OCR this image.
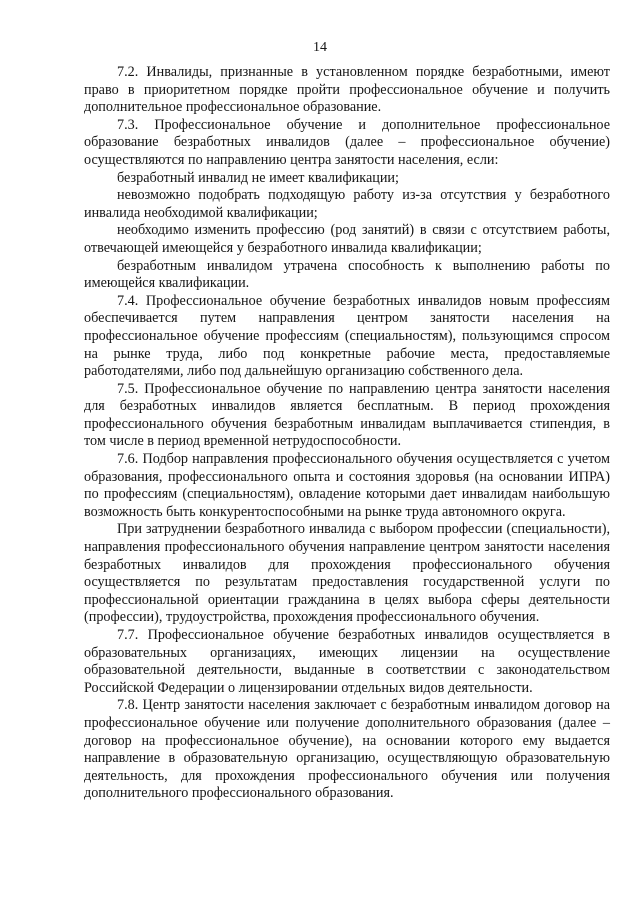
14

7.2. Инвалиды, признанные в установленном порядке безработными, имеют право в приоритетном порядке пройти профессиональное обучение и получить дополнительное профессиональное образование.

7.3. Профессиональное обучение и дополнительное профессиональное образование безработных инвалидов (далее – профессиональное обучение) осуществляются по направлению центра занятости населения, если:

безработный инвалид не имеет квалификации;

невозможно подобрать подходящую работу из-за отсутствия у безработного инвалида необходимой квалификации;

необходимо изменить профессию (род занятий) в связи с отсутствием работы, отвечающей имеющейся у безработного инвалида квалификации;

безработным инвалидом утрачена способность к выполнению работы по имеющейся квалификации.

7.4. Профессиональное обучение безработных инвалидов новым профессиям обеспечивается путем направления центром занятости населения на профессиональное обучение профессиям (специальностям), пользующимся спросом на рынке труда, либо под конкретные рабочие места, предоставляемые работодателями, либо под дальнейшую организацию собственного дела.

7.5. Профессиональное обучение по направлению центра занятости населения для безработных инвалидов является бесплатным. В период прохождения профессионального обучения безработным инвалидам выплачивается стипендия, в том числе в период временной нетрудоспособности.

7.6. Подбор направления профессионального обучения осуществляется с учетом образования, профессионального опыта и состояния здоровья (на основании ИПРА) по профессиям (специальностям), овладение которыми дает инвалидам наибольшую возможность быть конкурентоспособными на рынке труда автономного округа.

При затруднении безработного инвалида с выбором профессии (специальности), направления профессионального обучения направление центром занятости населения безработных инвалидов для прохождения профессионального обучения осуществляется по результатам предоставления государственной услуги по профессиональной ориентации гражданина в целях выбора сферы деятельности (профессии), трудоустройства, прохождения профессионального обучения.

7.7. Профессиональное обучение безработных инвалидов осуществляется в образовательных организациях, имеющих лицензии на осуществление образовательной деятельности, выданные в соответствии с законодательством Российской Федерации о лицензировании отдельных видов деятельности.

7.8. Центр занятости населения заключает с безработным инвалидом договор на профессиональное обучение или получение дополнительного образования (далее – договор на профессиональное обучение), на основании которого ему выдается направление в образовательную организацию, осуществляющую образовательную деятельность, для прохождения профессионального обучения или получения дополнительного профессионального образования.
